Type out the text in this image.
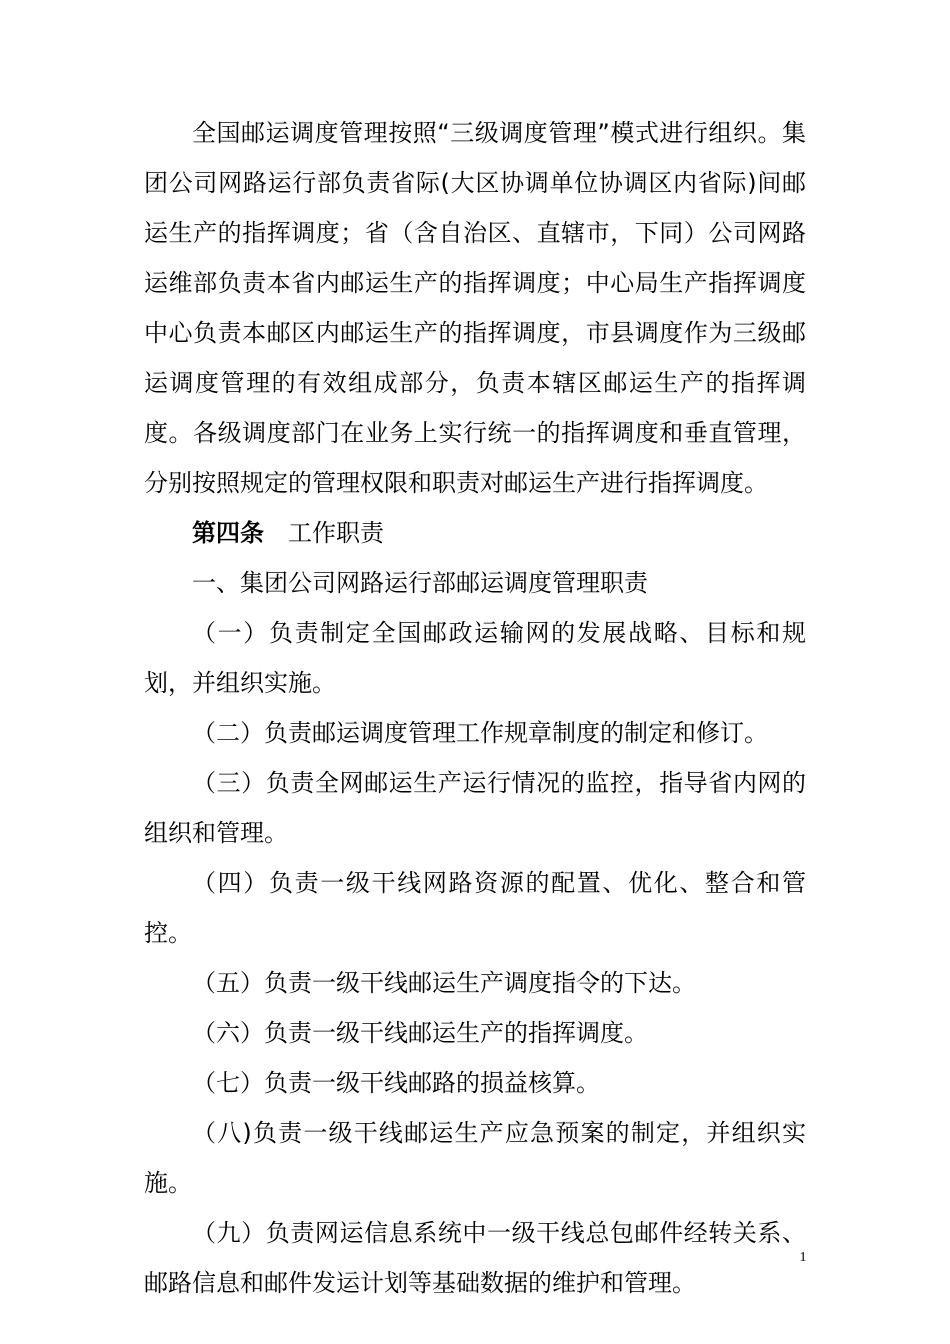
全国邮运调度管理按照“三级调度管理”模式进行组织。集团公司网路运行部负责省际(大区协调单位协调区内省际)间邮运生产的指挥调度；省（含自治区、直辖市，下同）公司网路运维部负责本省内邮运生产的指挥调度；中心局生产指挥调度中心负责本邮区内邮运生产的指挥调度，市县调度作为三级邮运调度管理的有效组成部分，负责本辖区邮运生产的指挥调度。各级调度部门在业务上实行统一的指挥调度和垂直管理，分别按照规定的管理权限和职责对邮运生产进行指挥调度。

第四条 工作职责

一、集团公司网路运行部邮运调度管理职责

（一）负责制定全国邮政运输网的发展战略、目标和规划，并组织实施。

（二）负责邮运调度管理工作规章制度的制定和修订。

（三）负责全网邮运生产运行情况的监控，指导省内网的组织和管理。

（四）负责一级干线网路资源的配置、优化、整合和管控。

（五）负责一级干线邮运生产调度指令的下达。

（六）负责一级干线邮运生产的指挥调度。

（七）负责一级干线邮路的损益核算。

（八)负责一级干线邮运生产应急预案的制定，并组织实施。

（九）负责网运信息系统中一级干线总包邮件经转关系、邮路信息和邮件发运计划等基础数据的维护和管理。

1
